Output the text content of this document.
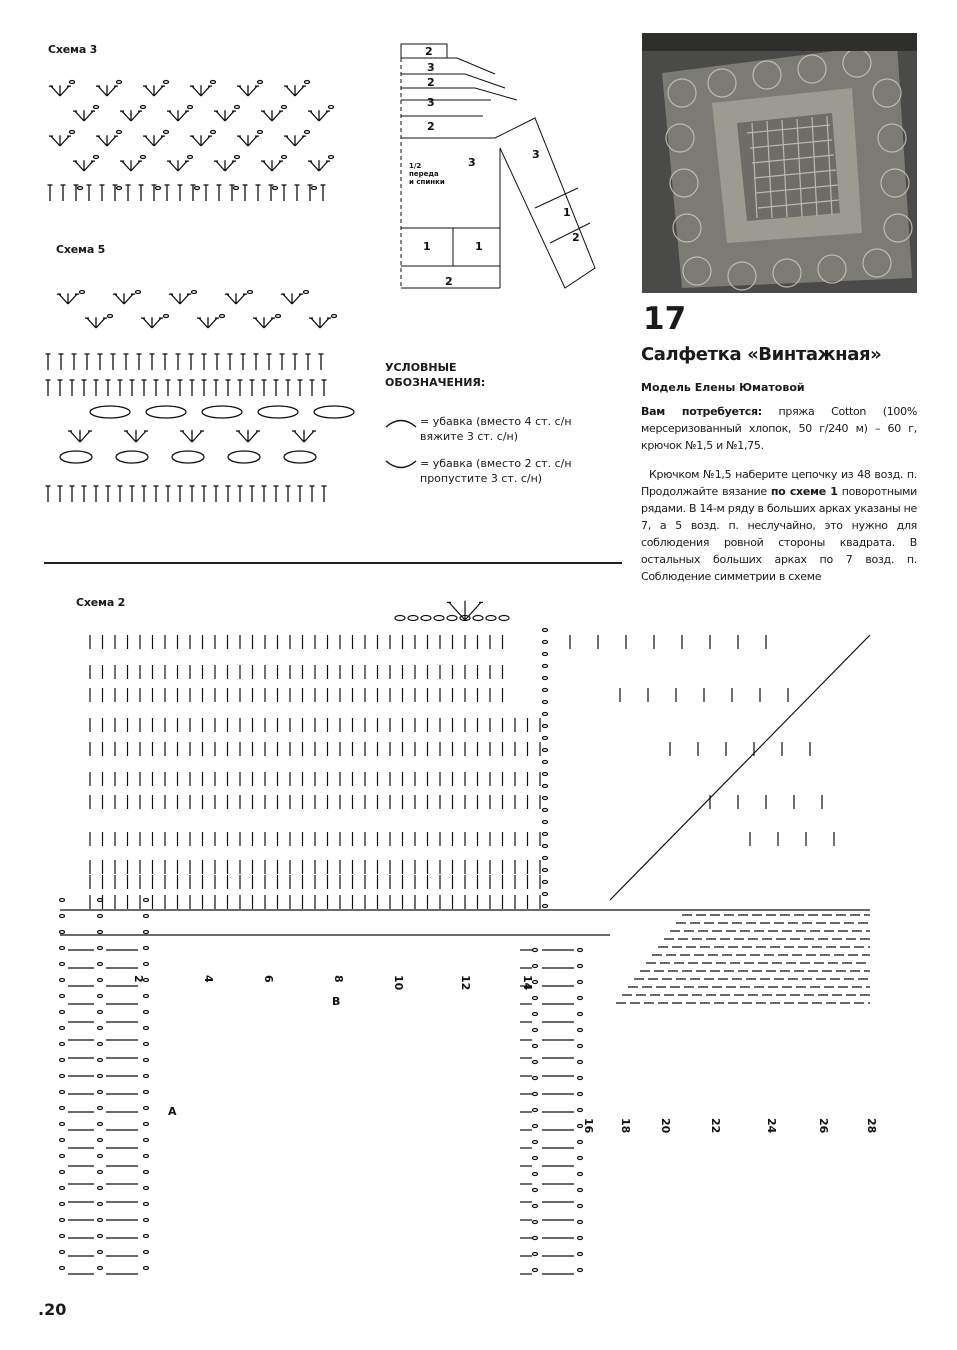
Схема 3
Схема 5
Схема 2
2
3
2
3
2
3
1	1
2
3
1
2
1/2
переда
и спинки
17
Салфетка «Винтажная»
Модель Елены Юматовой
Вам потребуется: пряжа Cotton (100% мерсеризованный хлопок, 50 г/240 м) – 60 г, крючок №1,5 и №1,75.
Крючком №1,5 наберите цепочку из 48 возд. п. Продолжайте вязание по схеме 1 поворотными рядами. В 14-м ряду в больших арках указаны не 7, а 5 возд. п. неслучайно, это нужно для соблюдения ровной стороны квадрата. В остальных больших арках по 7 возд. п. Соблюдение симметрии в схеме
УСЛОВНЫЕ
ОБОЗНАЧЕНИЯ:
= убавка (вместо 4 ст. с/н
вяжите 3 ст. с/н)
= убавка (вместо 2 ст. с/н
пропустите 3 ст. с/н)
2	4	6	8	10	12	14
16 18 20	22	24	26	28
A
B
.20
